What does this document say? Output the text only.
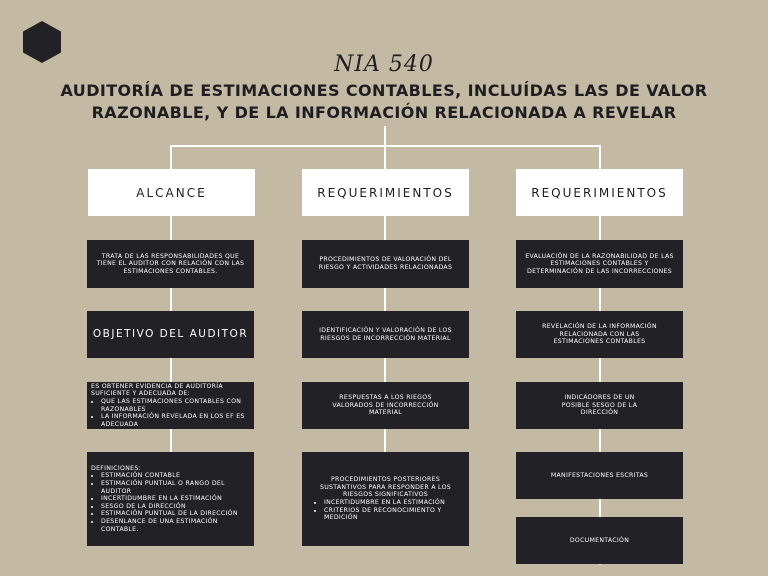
NIA 540
AUDITORÍA DE ESTIMACIONES CONTABLES, INCLUÍDAS LAS DE VALOR
RAZONABLE, Y DE LA INFORMACIÓN RELACIONADA A REVELAR
ALCANCE
TRATA DE LAS RESPONSABILIDADES QUE TIENE EL AUDITOR CON RELACIÓN CON LAS ESTIMACIONES CONTABLES.
OBJETIVO DEL AUDITOR
ES OBTENER EVIDENCIA DE AUDITORÍA SUFICIENTE Y ADECUADA DE:
• QUE LAS ESTIMACIONES CONTABLES CON RAZONABLES
• LA INFORMACIÓN REVELADA EN LOS EF ES ADECUADA
DEFINICIONES:
• ESTIMACIÓN CONTABLE
• ESTIMACIÓN PUNTUAL O RANGO DEL AUDITOR
• INCERTIDUMBRE EN LA ESTIMACIÓN
• SESGO DE LA DIRECCIÓN
• ESTIMACIÓN PUNTUAL DE LA DIRECCIÓN
• DESENLANCE DE UNA ESTIMACIÓN CONTABLE.
REQUERIMIENTOS
PROCEDIMIENTOS DE VALORACIÓN DEL RIESGO Y ACTIVIDADES RELACIONADAS
IDENTIFICACIÓN Y VALORACIÓN DE LOS RIESGOS DE INCORRECCIÓN MATERIAL
RESPUESTAS A LOS RIEGOS VALORADOS DE INCORRECCIÓN MATERIAL
PROCEDIMIENTOS POSTERIORES SUSTANTIVOS PARA RESPONDER A LOS RIESGOS SIGNIFICATIVOS
• INCERTIDUMBRE EN LA ESTIMACIÓN
• CRITERIOS DE RECONOCIMIENTO Y MEDICIÓN
REQUERIMIENTOS
EVALUACIÓN DE LA RAZONABILIDAD DE LAS ESTIMACIONES CONTABLES Y DETERMINACIÓN DE LAS INCORRECCIONES
REVELACIÓN DE LA INFORMACIÓN RELACIONADA CON LAS ESTIMACIONES CONTABLES
INDICADORES DE UN POSIBLE SESGO DE LA DIRECCIÓN
MANIFESTACIONES ESCRITAS
DOCUMENTACIÓN
